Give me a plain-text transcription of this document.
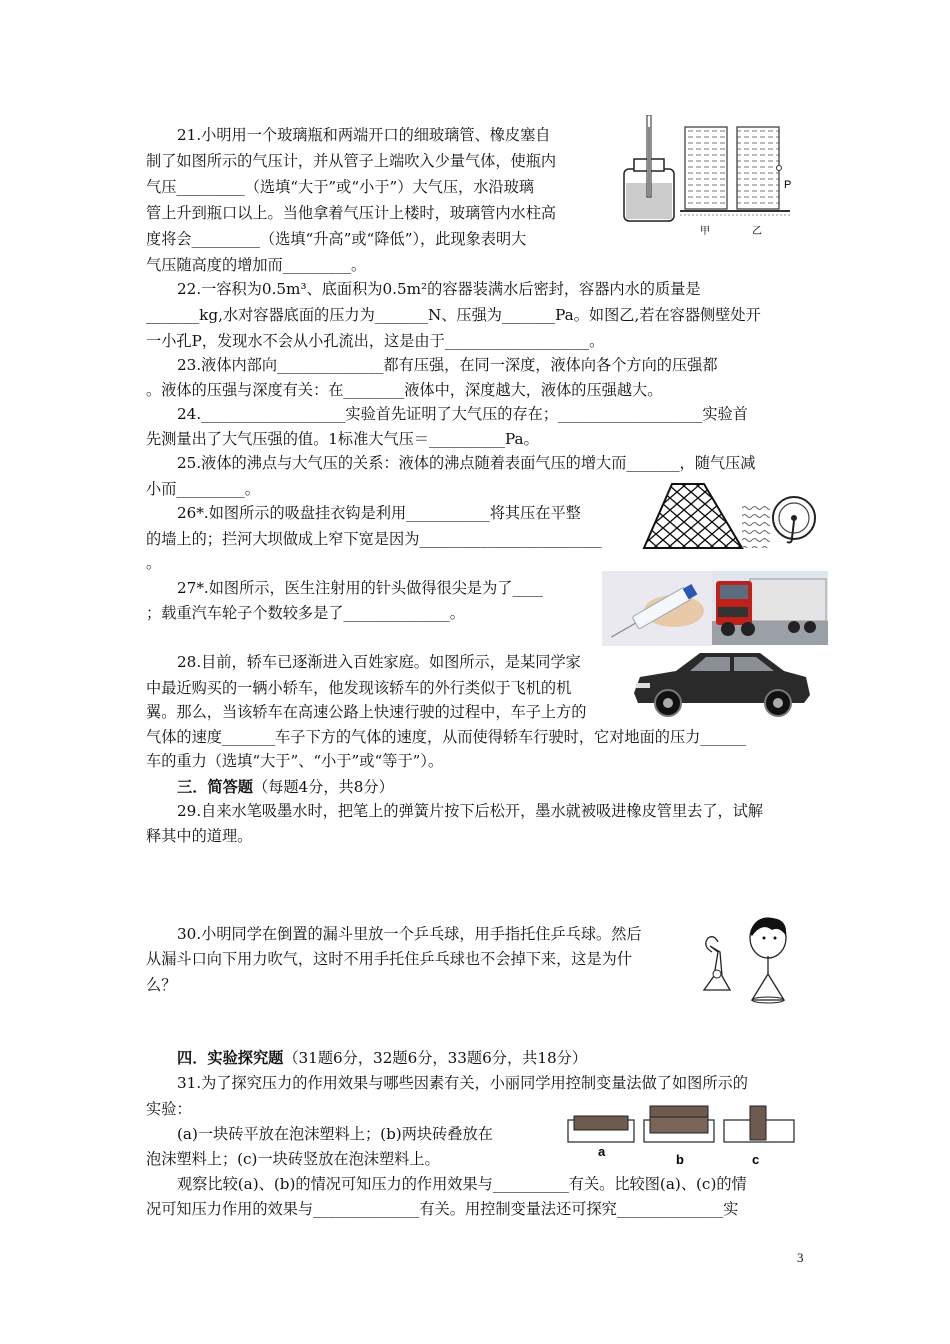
21.小明用一个玻璃瓶和两端开口的细玻璃管、橡皮塞自
制了如图所示的气压计，并从管子上端吹入少量气体，使瓶内
气压_________（选填“大于”或“小于”）大气压，水沿玻璃
管上升到瓶口以上。当他拿着气压计上楼时，玻璃管内水柱高
度将会_________（选填“升高”或“降低”），此现象表明大
气压随高度的增加而_________。
P
甲	乙
22.一容积为0.5m³、底面积为0.5m²的容器装满水后密封，容器内水的质量是
_______kg,水对容器底面的压力为_______N、压强为_______Pa。如图乙,若在容器侧壁处开
一小孔P，发现水不会从小孔流出，这是由于___________________。
23.液体内部向______________都有压强，在同一深度，液体向各个方向的压强都
。液体的压强与深度有关：在________液体中，深度越大，液体的压强越大。
24.___________________实验首先证明了大气压的存在；___________________实验首
先测量出了大气压强的值。1标准大气压＝__________Pa。
25.液体的沸点与大气压的关系：液体的沸点随着表面气压的增大而_______，随气压减
小而_________。
26*.如图所示的吸盘挂衣钩是利用___________将其压在平整
的墙上的；拦河大坝做成上窄下宽是因为________________________
。
27*.如图所示，医生注射用的针头做得很尖是为了____
；载重汽车轮子个数较多是了______________。
28.目前，轿车已逐渐进入百姓家庭。如图所示，是某同学家
中最近购买的一辆小轿车，他发现该轿车的外行类似于飞机的机
翼。那么，当该轿车在高速公路上快速行驶的过程中，车子上方的
气体的速度_______车子下方的气体的速度，从而使得轿车行驶时，它对地面的压力______
车的重力（选填“大于”、“小于”或“等于”）。
三．简答题（每题4分，共8分）
29.自来水笔吸墨水时，把笔上的弹簧片按下后松开，墨水就被吸进橡皮管里去了，试解
释其中的道理。
30.小明同学在倒置的漏斗里放一个乒乓球，用手指托住乒乓球。然后
从漏斗口向下用力吹气，这时不用手托住乒乓球也不会掉下来，这是为什
么？
四．实验探究题（31题6分，32题6分，33题6分，共18分）
31.为了探究压力的作用效果与哪些因素有关，小丽同学用控制变量法做了如图所示的
实验：
(a)一块砖平放在泡沫塑料上；(b)两块砖叠放在
泡沫塑料上；(c)一块砖竖放在泡沫塑料上。
观察比较(a)、(b)的情况可知压力的作用效果与__________有关。比较图(a)、(c)的情
况可知压力作用的效果与______________有关。用控制变量法还可探究______________实
a
b	c
3
